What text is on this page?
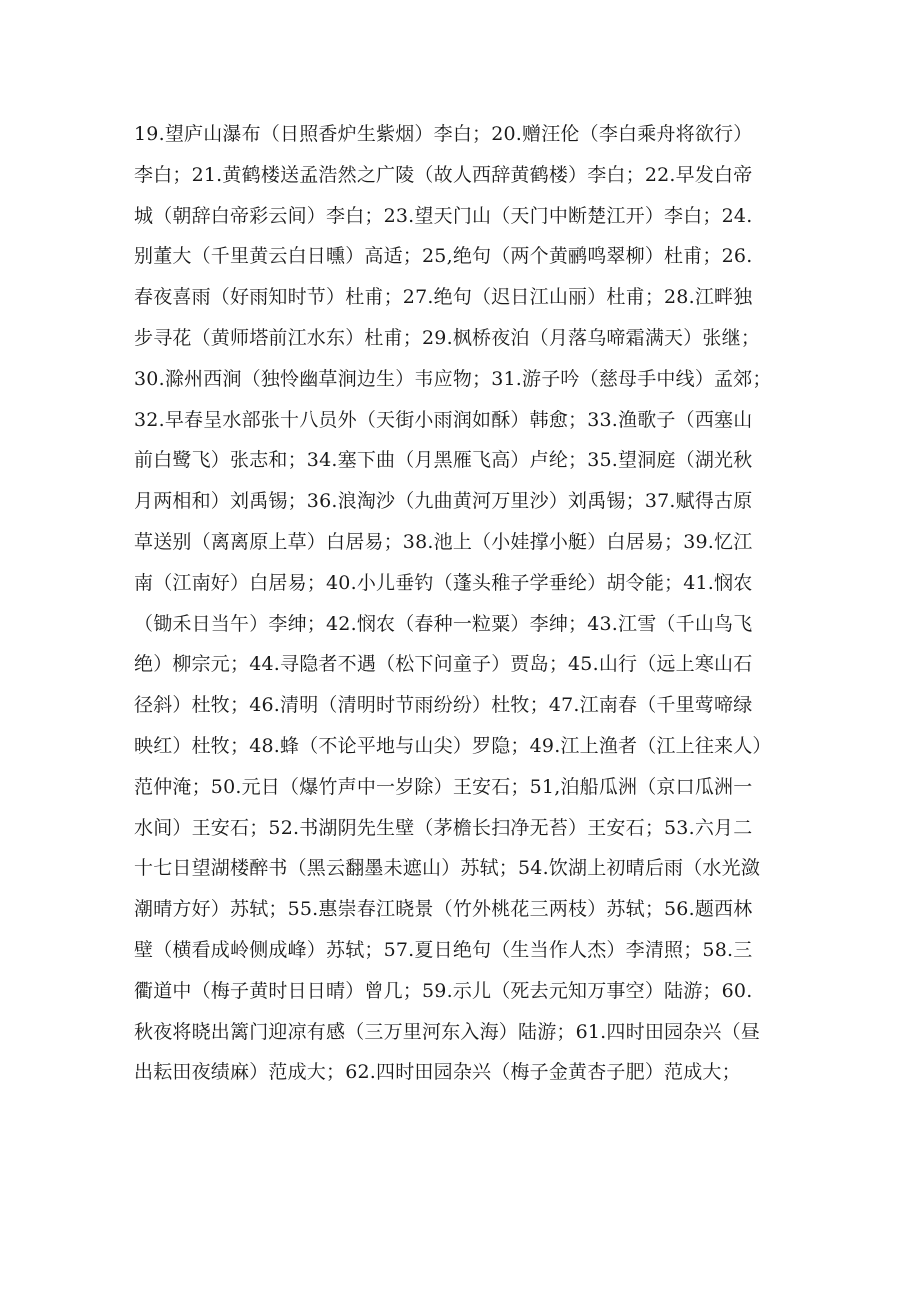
19.望庐山瀑布（日照香炉生紫烟）李白；20.赠汪伦（李白乘舟将欲行）
李白；21.黄鹤楼送孟浩然之广陵（故人西辞黄鹤楼）李白；22.早发白帝
城（朝辞白帝彩云间）李白；23.望天门山（天门中断楚江开）李白；24.
别董大（千里黄云白日曛）高适；25,绝句（两个黄鹂鸣翠柳）杜甫；26.
春夜喜雨（好雨知时节）杜甫；27.绝句（迟日江山丽）杜甫；28.江畔独
步寻花（黄师塔前江水东）杜甫；29.枫桥夜泊（月落乌啼霜满天）张继；
30.滁州西涧（独怜幽草涧边生）韦应物；31.游子吟（慈母手中线）孟郊；
32.早春呈水部张十八员外（天街小雨润如酥）韩愈；33.渔歌子（西塞山
前白鹭飞）张志和；34.塞下曲（月黑雁飞高）卢纶；35.望洞庭（湖光秋
月两相和）刘禹锡；36.浪淘沙（九曲黄河万里沙）刘禹锡；37.赋得古原
草送别（离离原上草）白居易；38.池上（小娃撑小艇）白居易；39.忆江
南（江南好）白居易；40.小儿垂钓（蓬头稚子学垂纶）胡令能；41.悯农
（锄禾日当午）李绅；42.悯农（春种一粒粟）李绅；43.江雪（千山鸟飞
绝）柳宗元；44.寻隐者不遇（松下问童子）贾岛；45.山行（远上寒山石
径斜）杜牧；46.清明（清明时节雨纷纷）杜牧；47.江南春（千里莺啼绿
映红）杜牧；48.蜂（不论平地与山尖）罗隐；49.江上渔者（江上往来人）
范仲淹；50.元日（爆竹声中一岁除）王安石；51,泊船瓜洲（京口瓜洲一
水间）王安石；52.书湖阴先生壁（茅檐长扫净无苔）王安石；53.六月二
十七日望湖楼醉书（黑云翻墨未遮山）苏轼；54.饮湖上初晴后雨（水光潋
潮晴方好）苏轼；55.惠崇春江晓景（竹外桃花三两枝）苏轼；56.题西林
壁（横看成岭侧成峰）苏轼；57.夏日绝句（生当作人杰）李清照；58.三
衢道中（梅子黄时日日晴）曾几；59.示儿（死去元知万事空）陆游；60.
秋夜将晓出篱门迎凉有感（三万里河东入海）陆游；61.四时田园杂兴（昼
出耘田夜绩麻）范成大；62.四时田园杂兴（梅子金黄杏子肥）范成大；
